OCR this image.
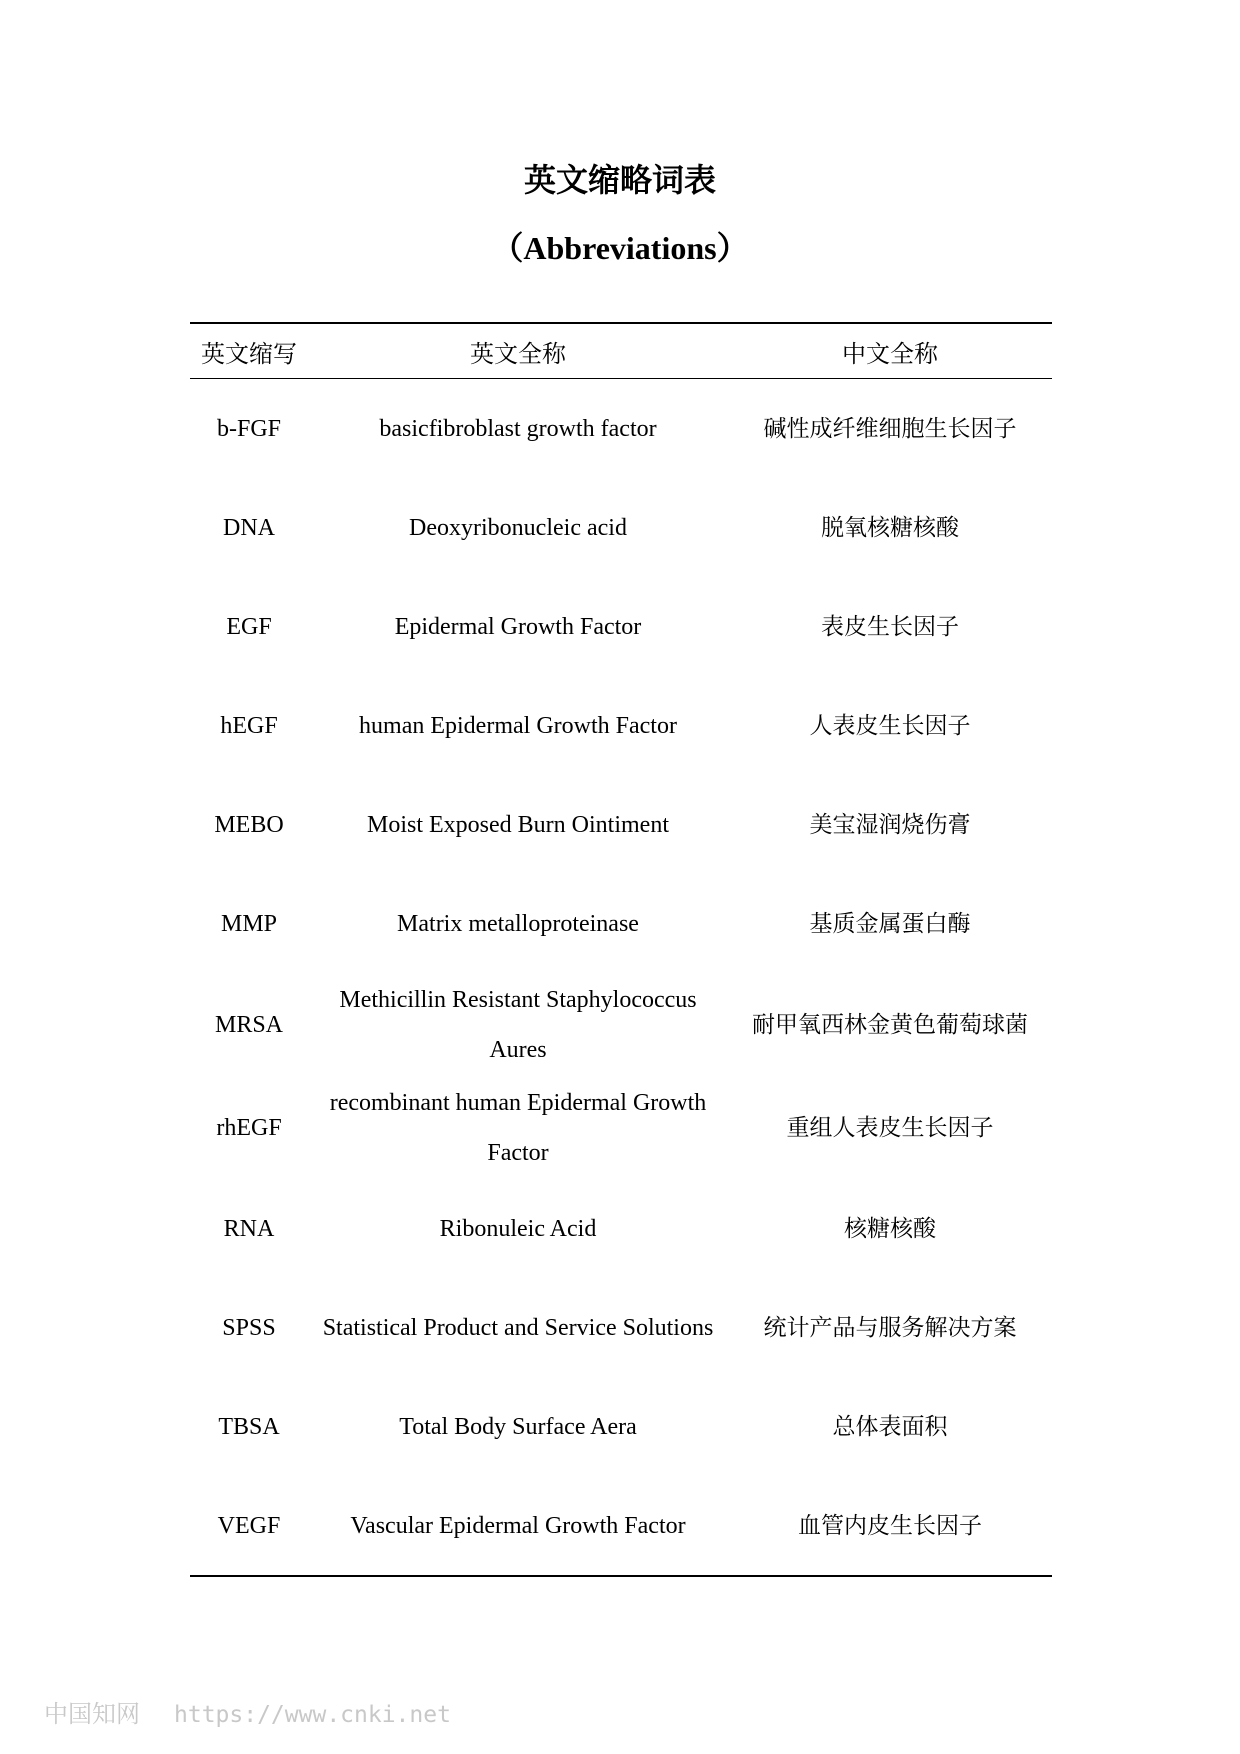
英文缩略词表
（Abbreviations）
英文缩写	英文全称	中文全称
b-FGF	basicfibroblast growth factor	碱性成纤维细胞生长因子
DNA	Deoxyribonucleic acid	脱氧核糖核酸
EGF	Epidermal Growth Factor	表皮生长因子
hEGF	human Epidermal Growth Factor	人表皮生长因子
MEBO	Moist Exposed Burn Ointiment	美宝湿润烧伤膏
MMP	Matrix metalloproteinase	基质金属蛋白酶
MRSA	Methicillin Resistant Staphylococcus Aures	耐甲氧西林金黄色葡萄球菌
rhEGF	recombinant human Epidermal Growth Factor	重组人表皮生长因子
RNA	Ribonuleic Acid	核糖核酸
SPSS	Statistical Product and Service Solutions	统计产品与服务解决方案
TBSA	Total Body Surface Aera	总体表面积
VEGF	Vascular Epidermal Growth Factor	血管内皮生长因子
中国知网 https://www.cnki.net
